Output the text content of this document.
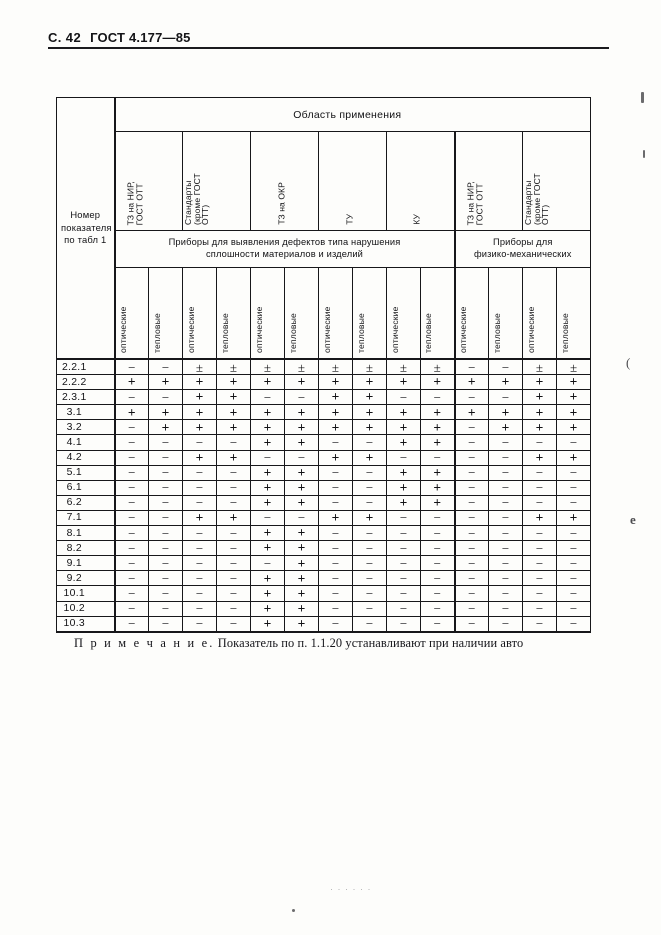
С. 42 ГОСТ 4.177—85
Номер
показателя
по табл 1	Область применения													

ТЗ на НИР,
ГОСТ ОТТ	Стандарты
(кроме ГОСТ
ОТТ)	ТЗ на ОКР	ТУ	КУ	ТЗ на НИР,
ГОСТ ОТТ	Стандарты
(кроме ГОСТ
ОТТ)

Приборы для выявления дефектов типа нарушения
сплошности материалов и изделий

Приборы для
физико-механических

	оптические	тепловые	оптические	тепловые	оптические	тепловые	оптические	тепловые	оптические	тепловые	оптические	тепловые	оптические	тепловые

2.2.1	−	−	±	±	±	±	±	±	±	±	−	−	±	±
2.2.2	+	+	+	+	+	+	+	+	+	+	+	+	+	+
2.3.1	−	−	+	+	−	−	+	+	−	−	−	−	+	+
3.1	+	+	+	+	+	+	+	+	+	+	+	+	+	+
3.2	−	+	+	+	+	+	+	+	+	+	−	+	+	+
4.1	−	−	−	−	+	+	−	−	+	+	−	−	−	−
4.2	−	−	+	+	−	−	+	+	−	−	−	−	+	+
5.1	−	−	−	−	+	+	−	−	+	+	−	−	−	−
6.1	−	−	−	−	+	+	−	−	+	+	−	−	−	−
6.2	−	−	−	−	+	+	−	−	+	+	−	−	−	−
7.1	−	−	+	+	−	−	+	+	−	−	−	−	+	+
8.1	−	−	−	−	+	+	−	−	−	−	−	−	−	−
8.2	−	−	−	−	+	+	−	−	−	−	−	−	−	−
9.1	−	−	−	−	−	+	−	−	−	−	−	−	−	−
9.2	−	−	−	−	+	+	−	−	−	−	−	−	−	−
10.1	−	−	−	−	+	+	−	−	−	−	−	−	−	−
10.2	−	−	−	−	+	+	−	−	−	−	−	−	−	−
10.3	−	−	−	−	+	+	−	−	−	−	−	−	−	−
П р и м е ч а н и е. Показатель по п. 1.1.20 устанавливают при наличии авто
(
e
· · · · · ·
